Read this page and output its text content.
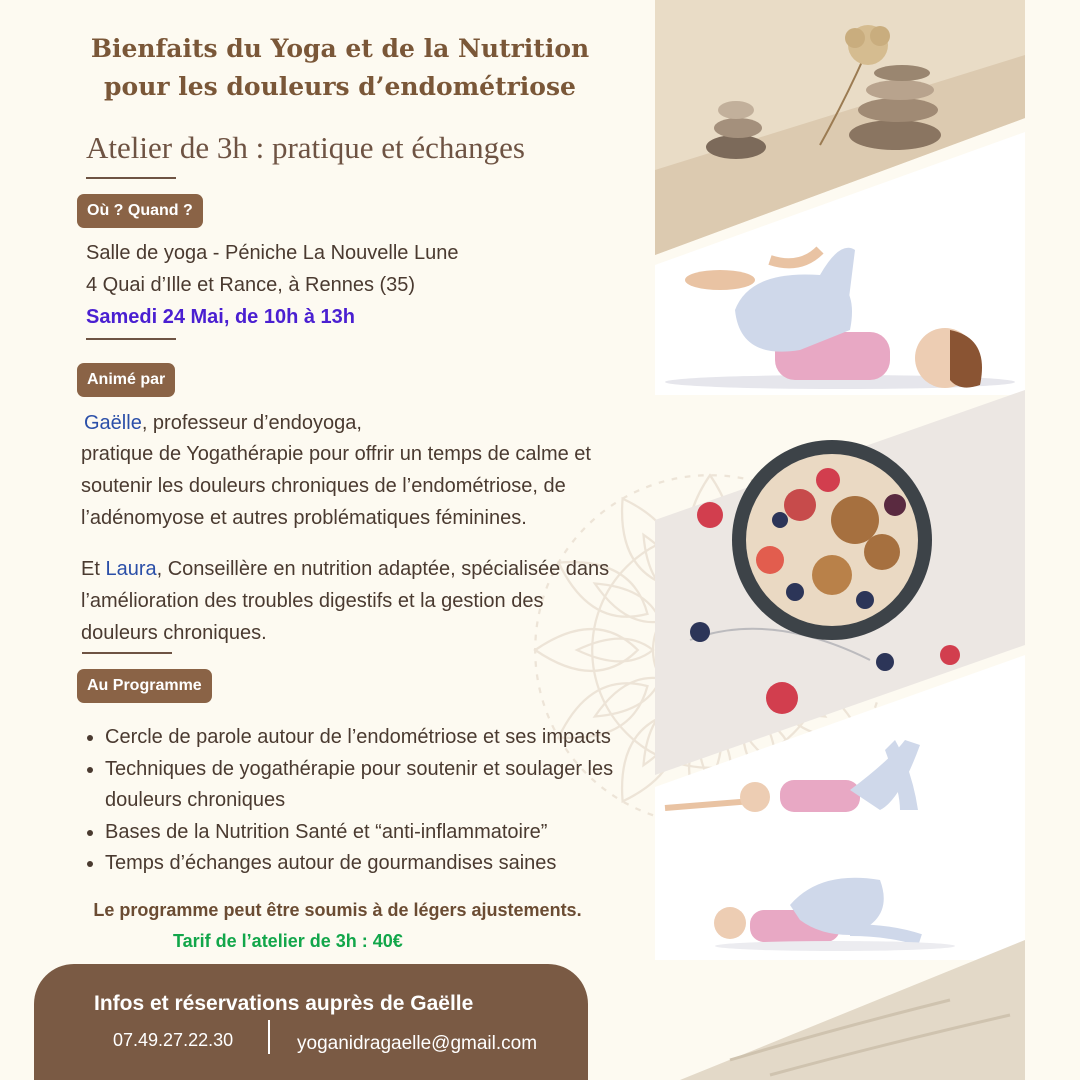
Bienfaits du Yoga et de la Nutrition
pour les douleurs d’endométriose
Atelier de 3h : pratique et échanges
Où ? Quand ?
Salle de yoga - Péniche La Nouvelle Lune
4 Quai d’Ille et Rance, à Rennes (35)
Samedi 24 Mai, de 10h à 13h
Animé par
Gaëlle, professeur d’endoyoga,
pratique de Yogathérapie pour offrir un temps de calme et
soutenir les douleurs chroniques de l’endométriose, de
l’adénomyose et autres problématiques féminines.
Et Laura, Conseillère en nutrition adaptée, spécialisée dans
l’amélioration des troubles digestifs et la gestion des
douleurs chroniques.
Au Programme
Cercle de parole autour de l’endométriose et ses impacts
Techniques de yogathérapie pour soutenir et soulager les douleurs chroniques
Bases de la Nutrition Santé et “anti-inflammatoire”
Temps d’échanges autour de gourmandises saines
Le programme peut être soumis à de légers ajustements.
Tarif de l’atelier de 3h : 40€
Infos et réservations auprès de Gaëlle
07.49.27.22.30	yoganidragaelle@gmail.com
